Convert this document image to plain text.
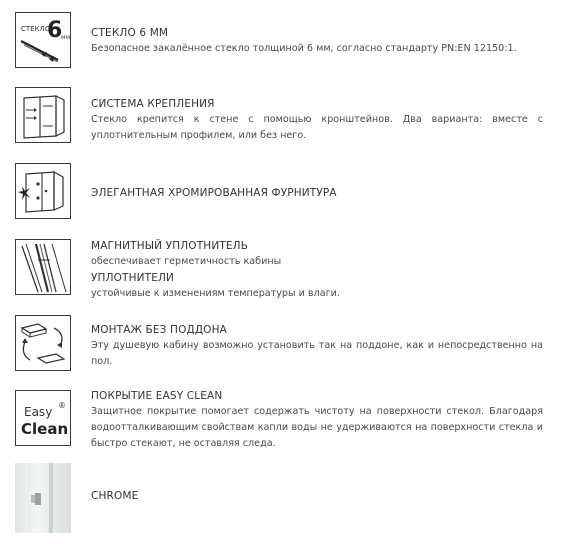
СТЕКЛО
6
мм СТЕКЛО 6 ММ
Безопасное закалённое стекло толщиной 6 мм, согласно стандарту PN:EN 12150:1.
СИСТЕМА КРЕПЛЕНИЯ
Стекло крепится к стене с помощью кронштейнов. Два варианта: вместе с уплотнительным профилем, или без него.
ЭЛЕГАНТНАЯ ХРОМИРОВАННАЯ ФУРНИТУРА
МАГНИТНЫЙ УПЛОТНИТЕЛЬ
обеспечивает герметичность кабины
УПЛОТНИТЕЛИ
устойчивые к изменениям температуры и влаги.
МОНТАЖ БЕЗ ПОДДОНА
Эту душевую кабину возможно установить так на поддоне, как и непосредственно на пол.
Easy ®
Clean
ПОКРЫТИЕ EASY CLEAN
Защитное покрытие помогает содержать чистоту на поверхности стекол. Благодаря водоотталкивающим свойствам капли воды не удерживаются на поверхности стекла и быстро стекают, не оставляя следа.
CHROME
